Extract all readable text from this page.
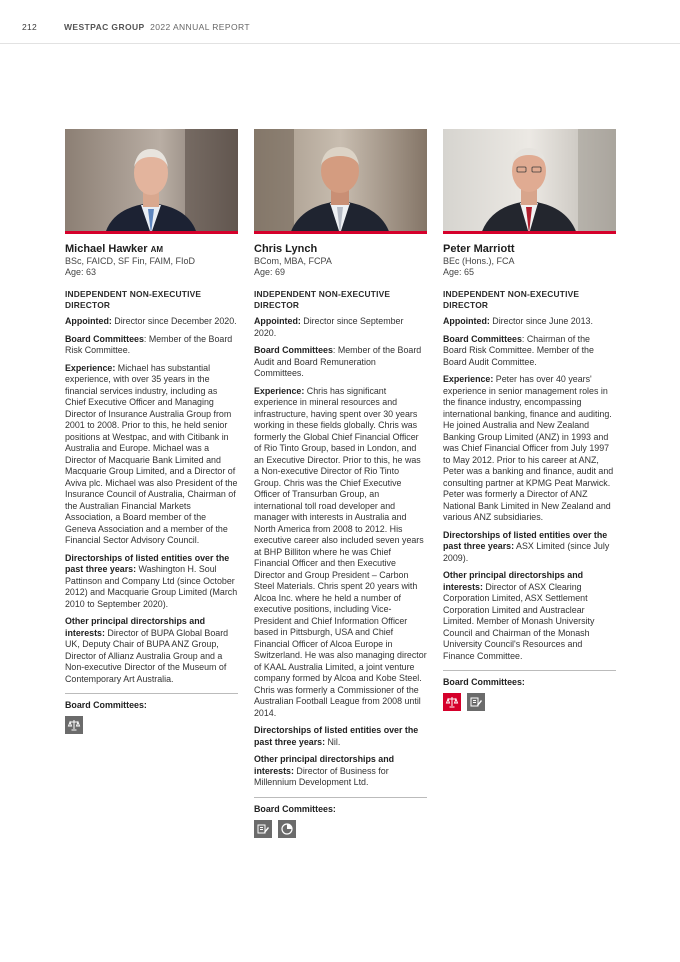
212	WESTPAC GROUP 2022 ANNUAL REPORT
Michael Hawker AM
BSc, FAICD, SF Fin, FAIM, FIoD
Age: 63
INDEPENDENT NON-EXECUTIVE DIRECTOR
Appointed: Director since December 2020.
Board Committees: Member of the Board Risk Committee.
Experience: Michael has substantial experience, with over 35 years in the financial services industry, including as Chief Executive Officer and Managing Director of Insurance Australia Group from 2001 to 2008. Prior to this, he held senior positions at Westpac, and with Citibank in Australia and Europe. Michael was a Director of Macquarie Bank Limited and Macquarie Group Limited, and a Director of Aviva plc. Michael was also President of the Insurance Council of Australia, Chairman of the Australian Financial Markets Association, a Board member of the Geneva Association and a member of the Financial Sector Advisory Council.
Directorships of listed entities over the past three years: Washington H. Soul Pattinson and Company Ltd (since October 2012) and Macquarie Group Limited (March 2010 to September 2020).
Other principal directorships and interests: Director of BUPA Global Board UK, Deputy Chair of BUPA ANZ Group, Director of Allianz Australia Group and a Non-executive Director of the Museum of Contemporary Art Australia.
Board Committees:
Chris Lynch
BCom, MBA, FCPA
Age: 69
INDEPENDENT NON-EXECUTIVE DIRECTOR
Appointed: Director since September 2020.
Board Committees: Member of the Board Audit and Board Remuneration Committees.
Experience: Chris has significant experience in mineral resources and infrastructure, having spent over 30 years working in these fields globally. Chris was formerly the Global Chief Financial Officer of Rio Tinto Group, based in London, and an Executive Director. Prior to this, he was a Non-executive Director of Rio Tinto Group. Chris was the Chief Executive Officer of Transurban Group, an international toll road developer and manager with interests in Australia and North America from 2008 to 2012. His executive career also included seven years at BHP Billiton where he was Chief Financial Officer and then Executive Director and Group President – Carbon Steel Materials. Chris spent 20 years with Alcoa Inc. where he held a number of executive positions, including Vice-President and Chief Information Officer based in Pittsburgh, USA and Chief Financial Officer of Alcoa Europe in Switzerland. He was also managing director of KAAL Australia Limited, a joint venture company formed by Alcoa and Kobe Steel. Chris was formerly a Commissioner of the Australian Football League from 2008 until 2014.
Directorships of listed entities over the past three years: Nil.
Other principal directorships and interests: Director of Business for Millennium Development Ltd.
Board Committees:
Peter Marriott
BEc (Hons.), FCA
Age: 65
INDEPENDENT NON-EXECUTIVE DIRECTOR
Appointed: Director since June 2013.
Board Committees: Chairman of the Board Risk Committee. Member of the Board Audit Committee.
Experience: Peter has over 40 years' experience in senior management roles in the finance industry, encompassing international banking, finance and auditing. He joined Australia and New Zealand Banking Group Limited (ANZ) in 1993 and was Chief Financial Officer from July 1997 to May 2012. Prior to his career at ANZ, Peter was a banking and finance, audit and consulting partner at KPMG Peat Marwick. Peter was formerly a Director of ANZ National Bank Limited in New Zealand and various ANZ subsidiaries.
Directorships of listed entities over the past three years: ASX Limited (since July 2009).
Other principal directorships and interests: Director of ASX Clearing Corporation Limited, ASX Settlement Corporation Limited and Austraclear Limited. Member of Monash University Council and Chairman of the Monash University Council's Resources and Finance Committee.
Board Committees:
